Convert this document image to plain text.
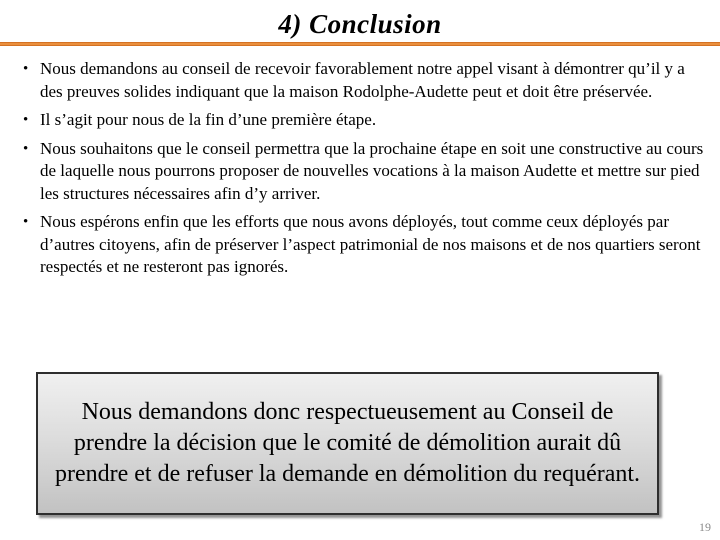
4) Conclusion
• Nous demandons au conseil de recevoir favorablement notre appel visant à démontrer qu’il y a des preuves solides indiquant que la maison Rodolphe-Audette peut et doit être préservée.
• Il s’agit pour nous de la fin d’une première étape.
• Nous souhaitons que le conseil permettra que la prochaine étape en soit une constructive au cours de laquelle nous pourrons proposer de nouvelles vocations à la maison Audette et mettre sur pied les structures nécessaires afin d’y arriver.
• Nous espérons enfin que les efforts que nous avons déployés, tout comme ceux déployés par d’autres citoyens, afin de préserver l’aspect patrimonial de nos maisons et de nos quartiers seront respectés et ne resteront pas ignorés.

Nous demandons donc respectueusement au Conseil de prendre la décision que le comité de démolition aurait dû prendre et de refuser la demande en démolition du requérant.

19
